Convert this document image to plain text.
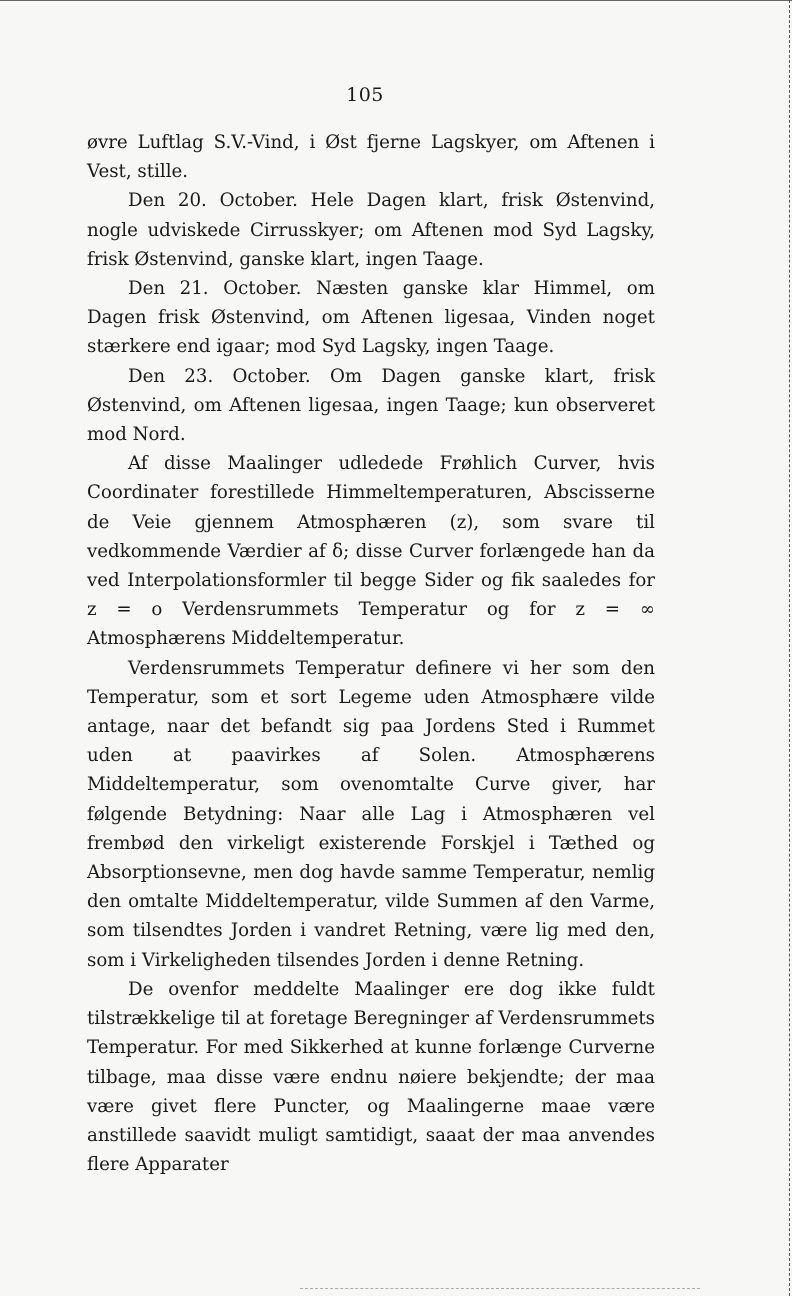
105

øvre Luftlag S.V.-Vind, i Øst fjerne Lagskyer, om Aftenen i Vest, stille.

Den 20. October. Hele Dagen klart, frisk Østenvind, nogle udviskede Cirrusskyer; om Aftenen mod Syd Lagsky, frisk Østenvind, ganske klart, ingen Taage.

Den 21. October. Næsten ganske klar Himmel, om Dagen frisk Østenvind, om Aftenen ligesaa, Vinden noget stærkere end igaar; mod Syd Lagsky, ingen Taage.

Den 23. October. Om Dagen ganske klart, frisk Østenvind, om Aftenen ligesaa, ingen Taage; kun observeret mod Nord.

Af disse Maalinger udledede Frøhlich Curver, hvis Coordinater forestillede Himmeltemperaturen, Abscisserne de Veie gjennem Atmosphæren (z), som svare til vedkommende Værdier af δ; disse Curver forlængede han da ved Interpolationsformler til begge Sider og fik saaledes for z = o Verdensrummets Temperatur og for z = ∞ Atmosphærens Middeltemperatur.

Verdensrummets Temperatur definere vi her som den Temperatur, som et sort Legeme uden Atmosphære vilde antage, naar det befandt sig paa Jordens Sted i Rummet uden at paavirkes af Solen. Atmosphærens Middeltemperatur, som ovenomtalte Curve giver, har følgende Betydning: Naar alle Lag i Atmosphæren vel frembød den virkeligt existerende Forskjel i Tæthed og Absorptionsevne, men dog havde samme Temperatur, nemlig den omtalte Middeltemperatur, vilde Summen af den Varme, som tilsendtes Jorden i vandret Retning, være lig med den, som i Virkeligheden tilsendes Jorden i denne Retning.

De ovenfor meddelte Maalinger ere dog ikke fuldt tilstrækkelige til at foretage Beregninger af Verdensrummets Temperatur. For med Sikkerhed at kunne forlænge Curverne tilbage, maa disse være endnu nøiere bekjendte; der maa være givet flere Puncter, og Maalingerne maae være anstillede saavidt muligt samtidigt, saaat der maa anvendes flere Apparater
